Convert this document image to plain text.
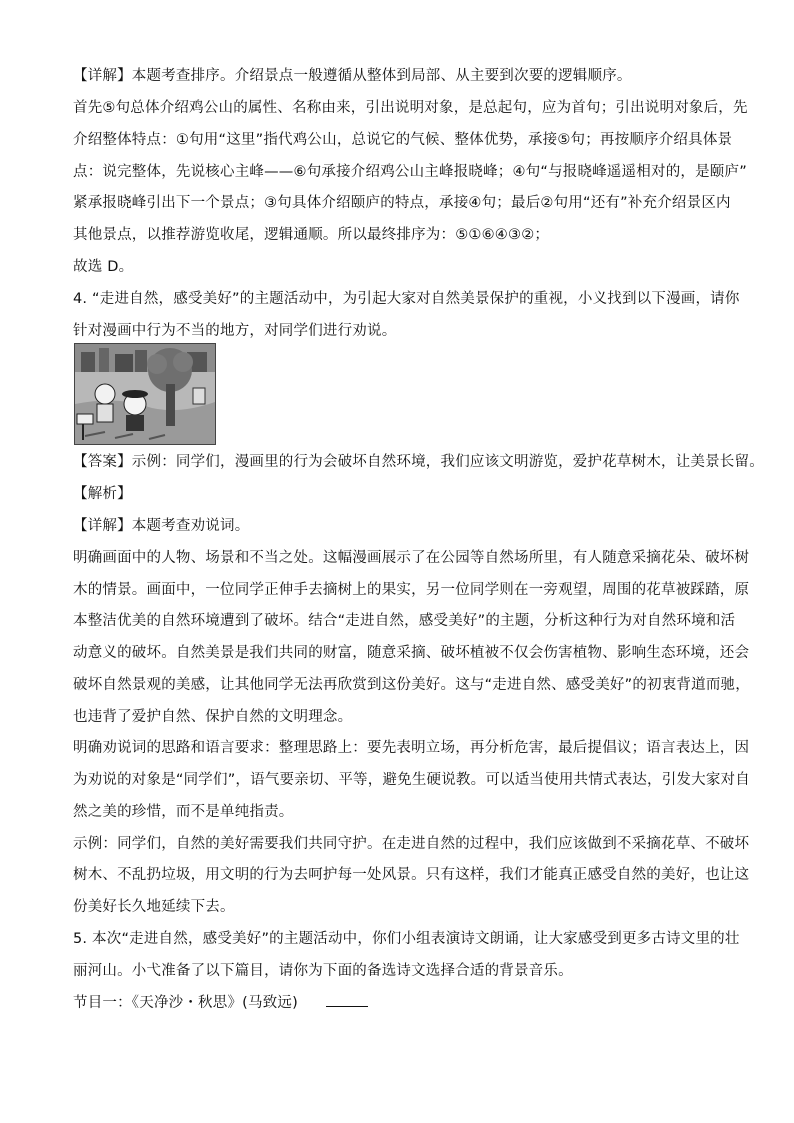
【详解】本题考查排序。介绍景点一般遵循从整体到局部、从主要到次要的逻辑顺序。
首先⑤句总体介绍鸡公山的属性、名称由来，引出说明对象，是总起句，应为首句；引出说明对象后，先
介绍整体特点：①句用“这里”指代鸡公山，总说它的气候、整体优势，承接⑤句；再按顺序介绍具体景
点：说完整体，先说核心主峰——⑥句承接介绍鸡公山主峰报晓峰；④句“与报晓峰遥遥相对的，是颐庐”
紧承报晓峰引出下一个景点；③句具体介绍颐庐的特点，承接④句；最后②句用“还有”补充介绍景区内
其他景点，以推荐游览收尾，逻辑通顺。所以最终排序为：⑤①⑥④③②；
故选 D。
4. “走进自然，感受美好”的主题活动中，为引起大家对自然美景保护的重视，小义找到以下漫画，请你
针对漫画中行为不当的地方，对同学们进行劝说。
【答案】示例：同学们，漫画里的行为会破坏自然环境，我们应该文明游览，爱护花草树木，让美景长留。
【解析】
【详解】本题考查劝说词。
明确画面中的人物、场景和不当之处。这幅漫画展示了在公园等自然场所里，有人随意采摘花朵、破坏树
木的情景。画面中，一位同学正伸手去摘树上的果实，另一位同学则在一旁观望，周围的花草被踩踏，原
本整洁优美的自然环境遭到了破坏。结合“走进自然，感受美好”的主题，分析这种行为对自然环境和活
动意义的破坏。自然美景是我们共同的财富，随意采摘、破坏植被不仅会伤害植物、影响生态环境，还会
破坏自然景观的美感，让其他同学无法再欣赏到这份美好。这与“走进自然、感受美好”的初衷背道而驰，
也违背了爱护自然、保护自然的文明理念。
明确劝说词的思路和语言要求：整理思路上：要先表明立场，再分析危害，最后提倡议；语言表达上，因
为劝说的对象是“同学们”，语气要亲切、平等，避免生硬说教。可以适当使用共情式表达，引发大家对自
然之美的珍惜，而不是单纯指责。
示例：同学们，自然的美好需要我们共同守护。在走进自然的过程中，我们应该做到不采摘花草、不破坏
树木、不乱扔垃圾，用文明的行为去呵护每一处风景。只有这样，我们才能真正感受自然的美好，也让这
份美好长久地延续下去。
5. 本次“走进自然，感受美好”的主题活动中，你们小组表演诗文朗诵，让大家感受到更多古诗文里的壮
丽河山。小弋准备了以下篇目，请你为下面的备选诗文选择合适的背景音乐。
节目一：《天净沙・秋思》(马致远)
